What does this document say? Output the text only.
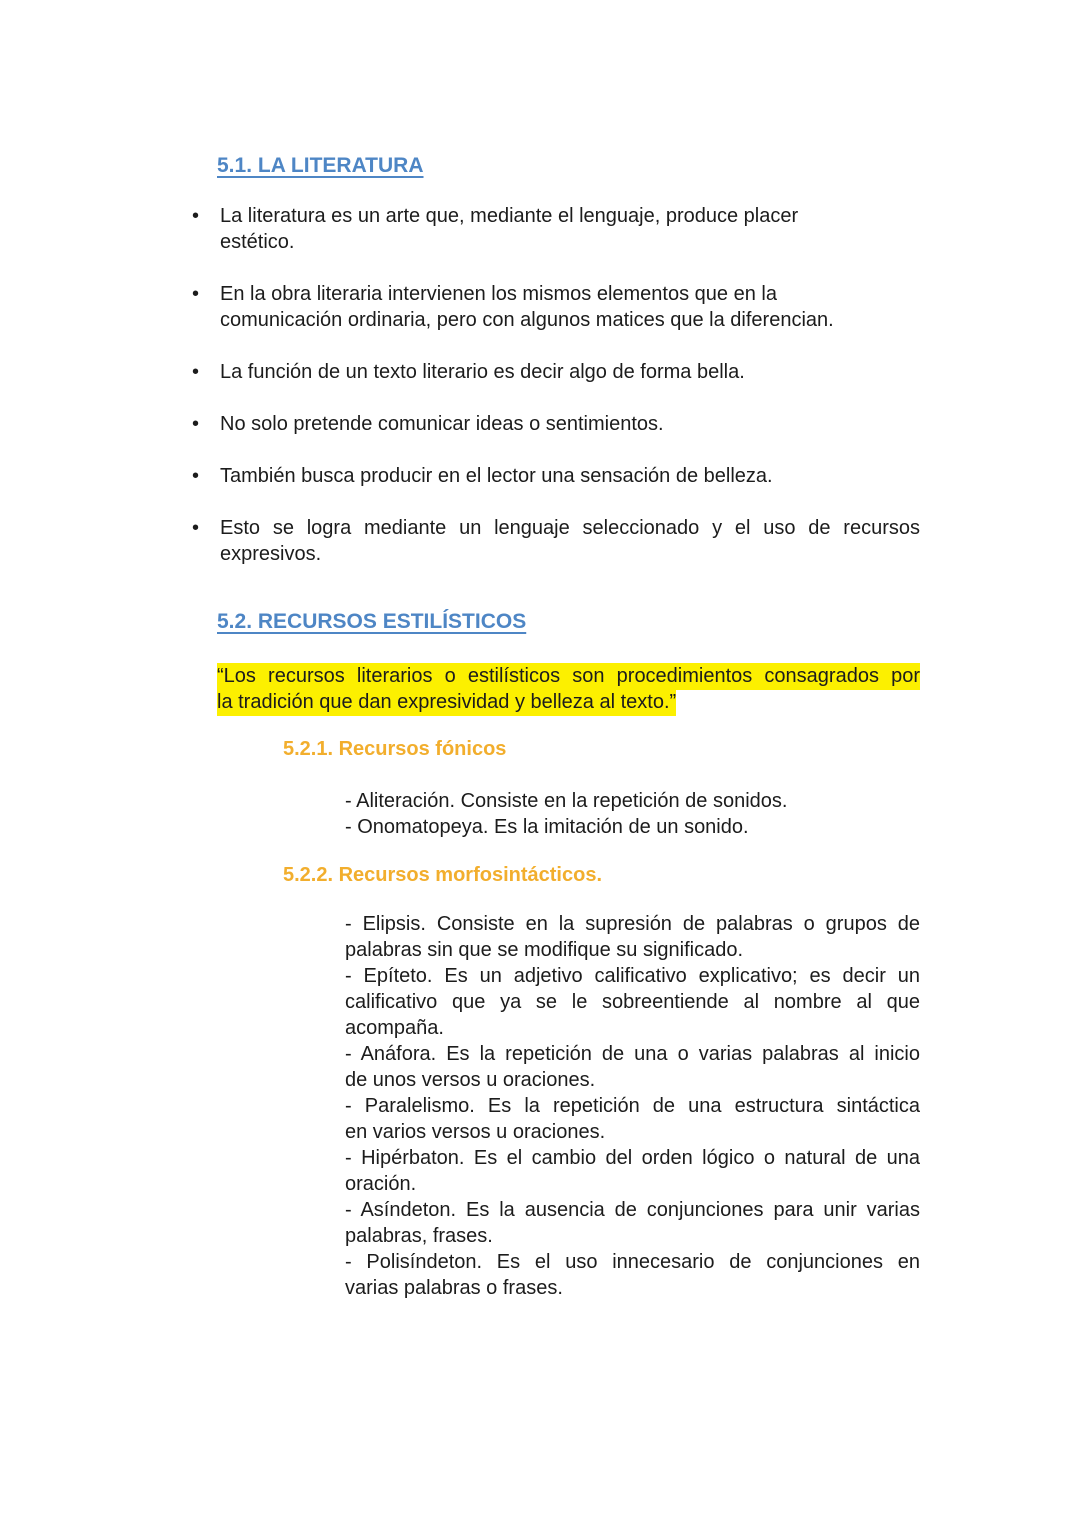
5.1. LA LITERATURA
•	La literatura es un arte que, mediante el lenguaje, produce placer
estético.
•	En la obra literaria intervienen los mismos elementos que en la
comunicación ordinaria, pero con algunos matices que la diferencian.
•	La función de un texto literario es decir algo de forma bella.
•	No solo pretende comunicar ideas o sentimientos.
•	También busca producir en el lector una sensación de belleza.
•	Esto se logra mediante un lenguaje seleccionado y el uso de recursos
expresivos.
5.2. RECURSOS ESTILÍSTICOS
“Los recursos literarios o estilísticos son procedimientos consagrados por
la tradición que dan expresividad y belleza al texto.”
5.2.1. Recursos fónicos
- Aliteración. Consiste en la repetición de sonidos.
- Onomatopeya. Es la imitación de un sonido.
5.2.2. Recursos morfosintácticos.
- Elipsis. Consiste en la supresión de palabras o grupos de
palabras sin que se modifique su significado.
- Epíteto. Es un adjetivo calificativo explicativo; es decir un
calificativo que ya se le sobreentiende al nombre al que
acompaña.
- Anáfora. Es la repetición de una o varias palabras al inicio
de unos versos u oraciones.
- Paralelismo. Es la repetición de una estructura sintáctica
en varios versos u oraciones.
- Hipérbaton. Es el cambio del orden lógico o natural de una
oración.
- Asíndeton. Es la ausencia de conjunciones para unir varias
palabras, frases.
- Polisíndeton. Es el uso innecesario de conjunciones en
varias palabras o frases.
